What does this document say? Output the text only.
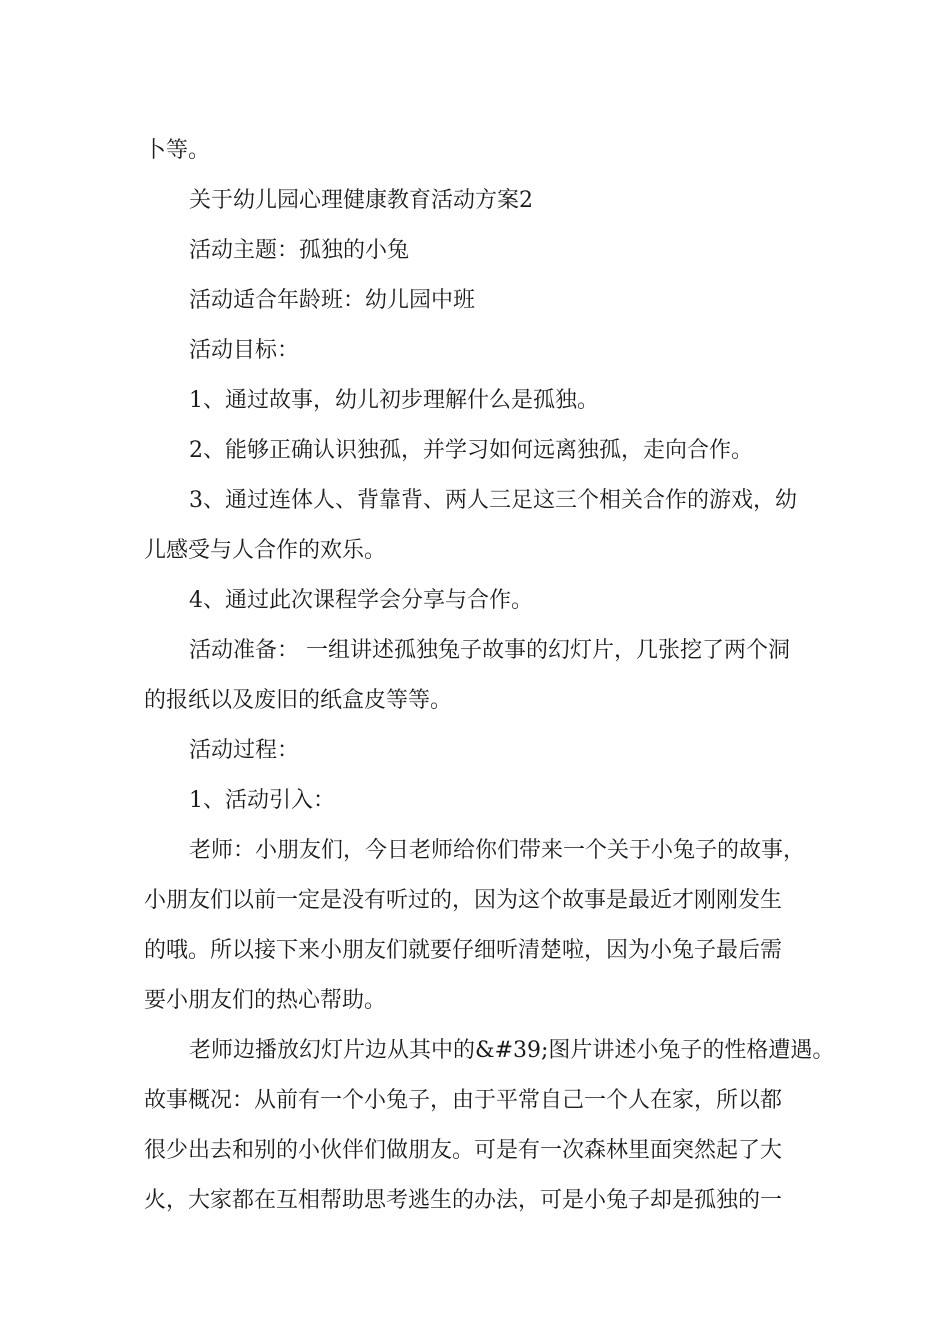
卜等。
关于幼儿园心理健康教育活动方案2
活动主题：孤独的小兔
活动适合年龄班：幼儿园中班
活动目标：
1、通过故事，幼儿初步理解什么是孤独。
2、能够正确认识独孤，并学习如何远离独孤，走向合作。
3、通过连体人、背靠背、两人三足这三个相关合作的游戏，幼
儿感受与人合作的欢乐。
4、通过此次课程学会分享与合作。
活动准备： 一组讲述孤独兔子故事的幻灯片，几张挖了两个洞
的报纸以及废旧的纸盒皮等等。
活动过程：
1、活动引入：
老师：小朋友们，今日老师给你们带来一个关于小兔子的故事，
小朋友们以前一定是没有听过的，因为这个故事是最近才刚刚发生
的哦。所以接下来小朋友们就要仔细听清楚啦，因为小兔子最后需
要小朋友们的热心帮助。
老师边播放幻灯片边从其中的&#39;图片讲述小兔子的性格遭遇。
故事概况：从前有一个小兔子，由于平常自己一个人在家，所以都
很少出去和别的小伙伴们做朋友。可是有一次森林里面突然起了大
火，大家都在互相帮助思考逃生的办法，可是小兔子却是孤独的一
